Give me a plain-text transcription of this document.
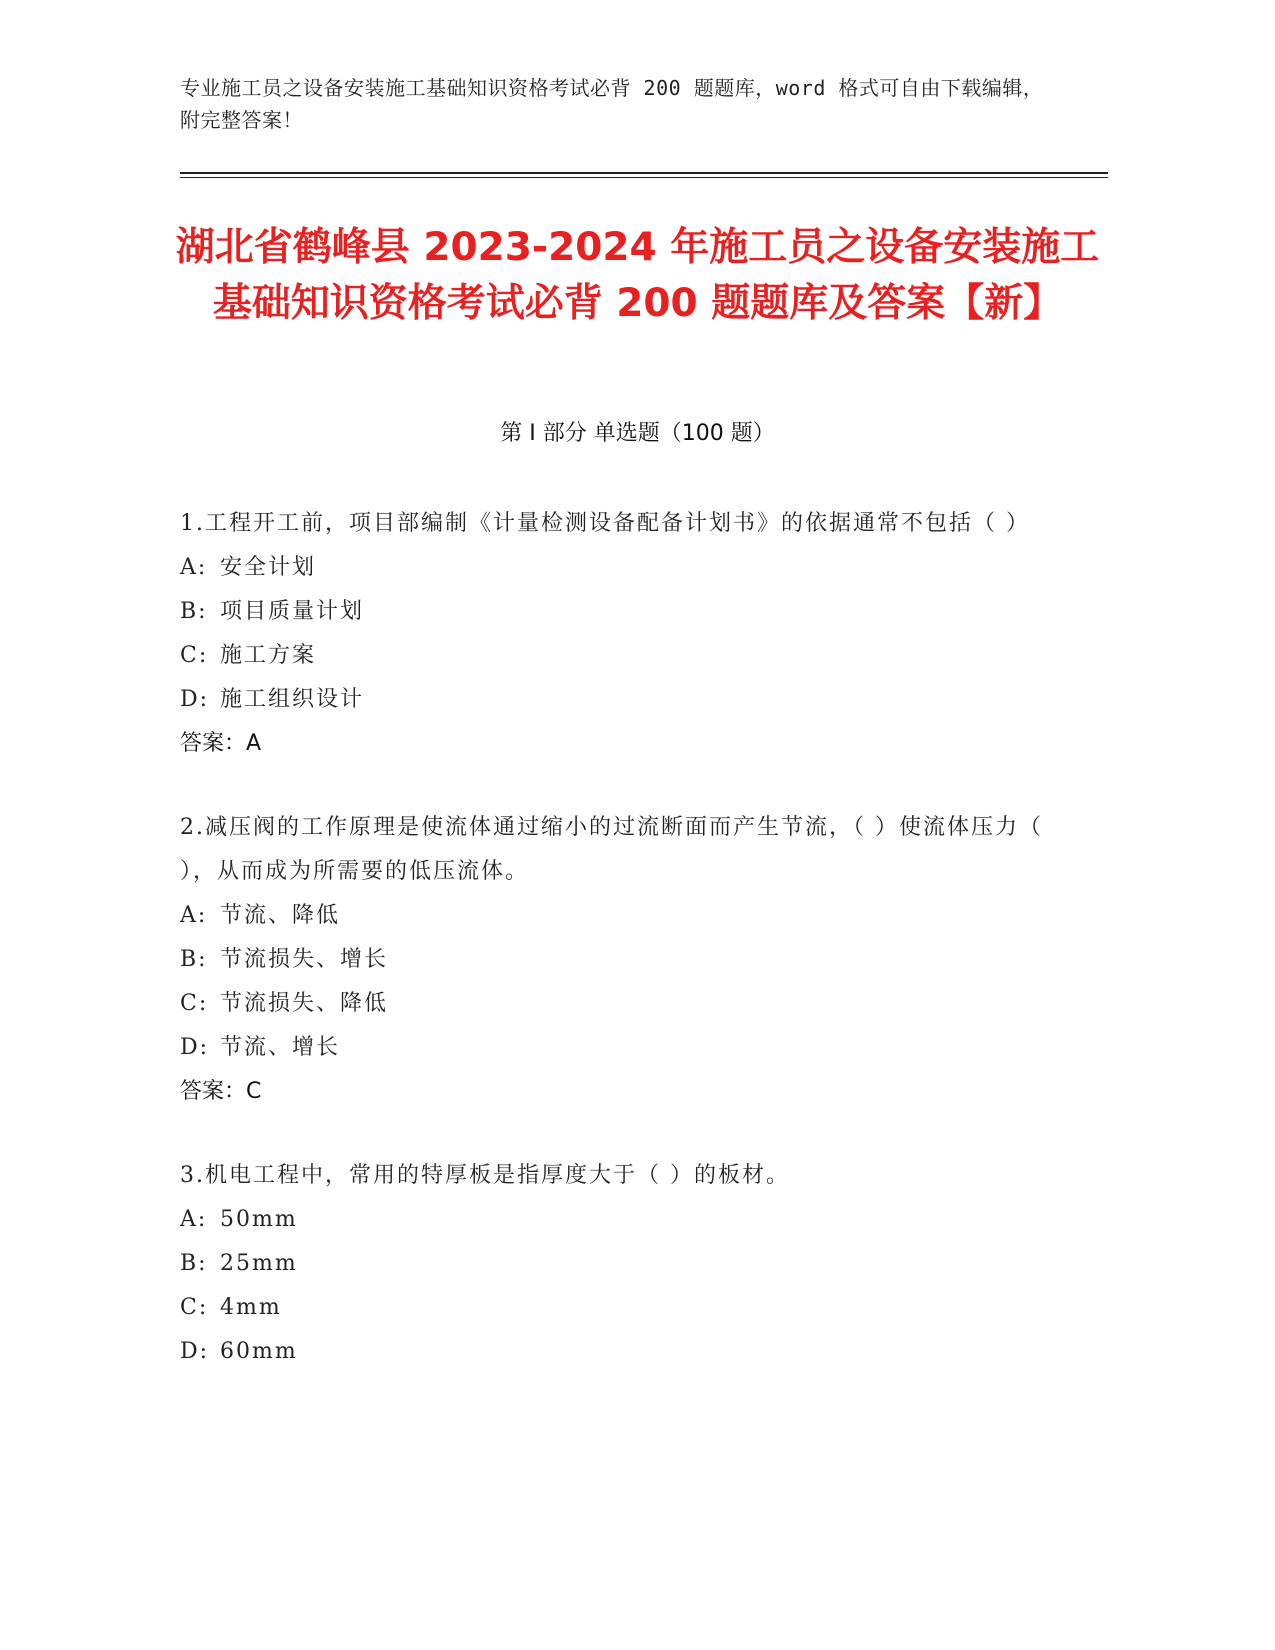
专业施工员之设备安装施工基础知识资格考试必背 200 题题库，word 格式可自由下载编辑，附完整答案！
湖北省鹤峰县 2023-2024 年施工员之设备安装施工基础知识资格考试必背 200 题题库及答案【新】
第 I 部分 单选题（100 题）

1.工程开工前，项目部编制《计量检测设备配备计划书》的依据通常不包括（ ）

A: 安全计划

B: 项目质量计划

C: 施工方案

D: 施工组织设计

答案：A

2.减压阀的工作原理是使流体通过缩小的过流断面而产生节流，（ ）使流体压力（ ），从而成为所需要的低压流体。

A: 节流、降低

B: 节流损失、增长

C: 节流损失、降低

D: 节流、增长

答案：C

3.机电工程中，常用的特厚板是指厚度大于（ ）的板材。

A: 50mm

B: 25mm

C: 4mm

D: 60mm
